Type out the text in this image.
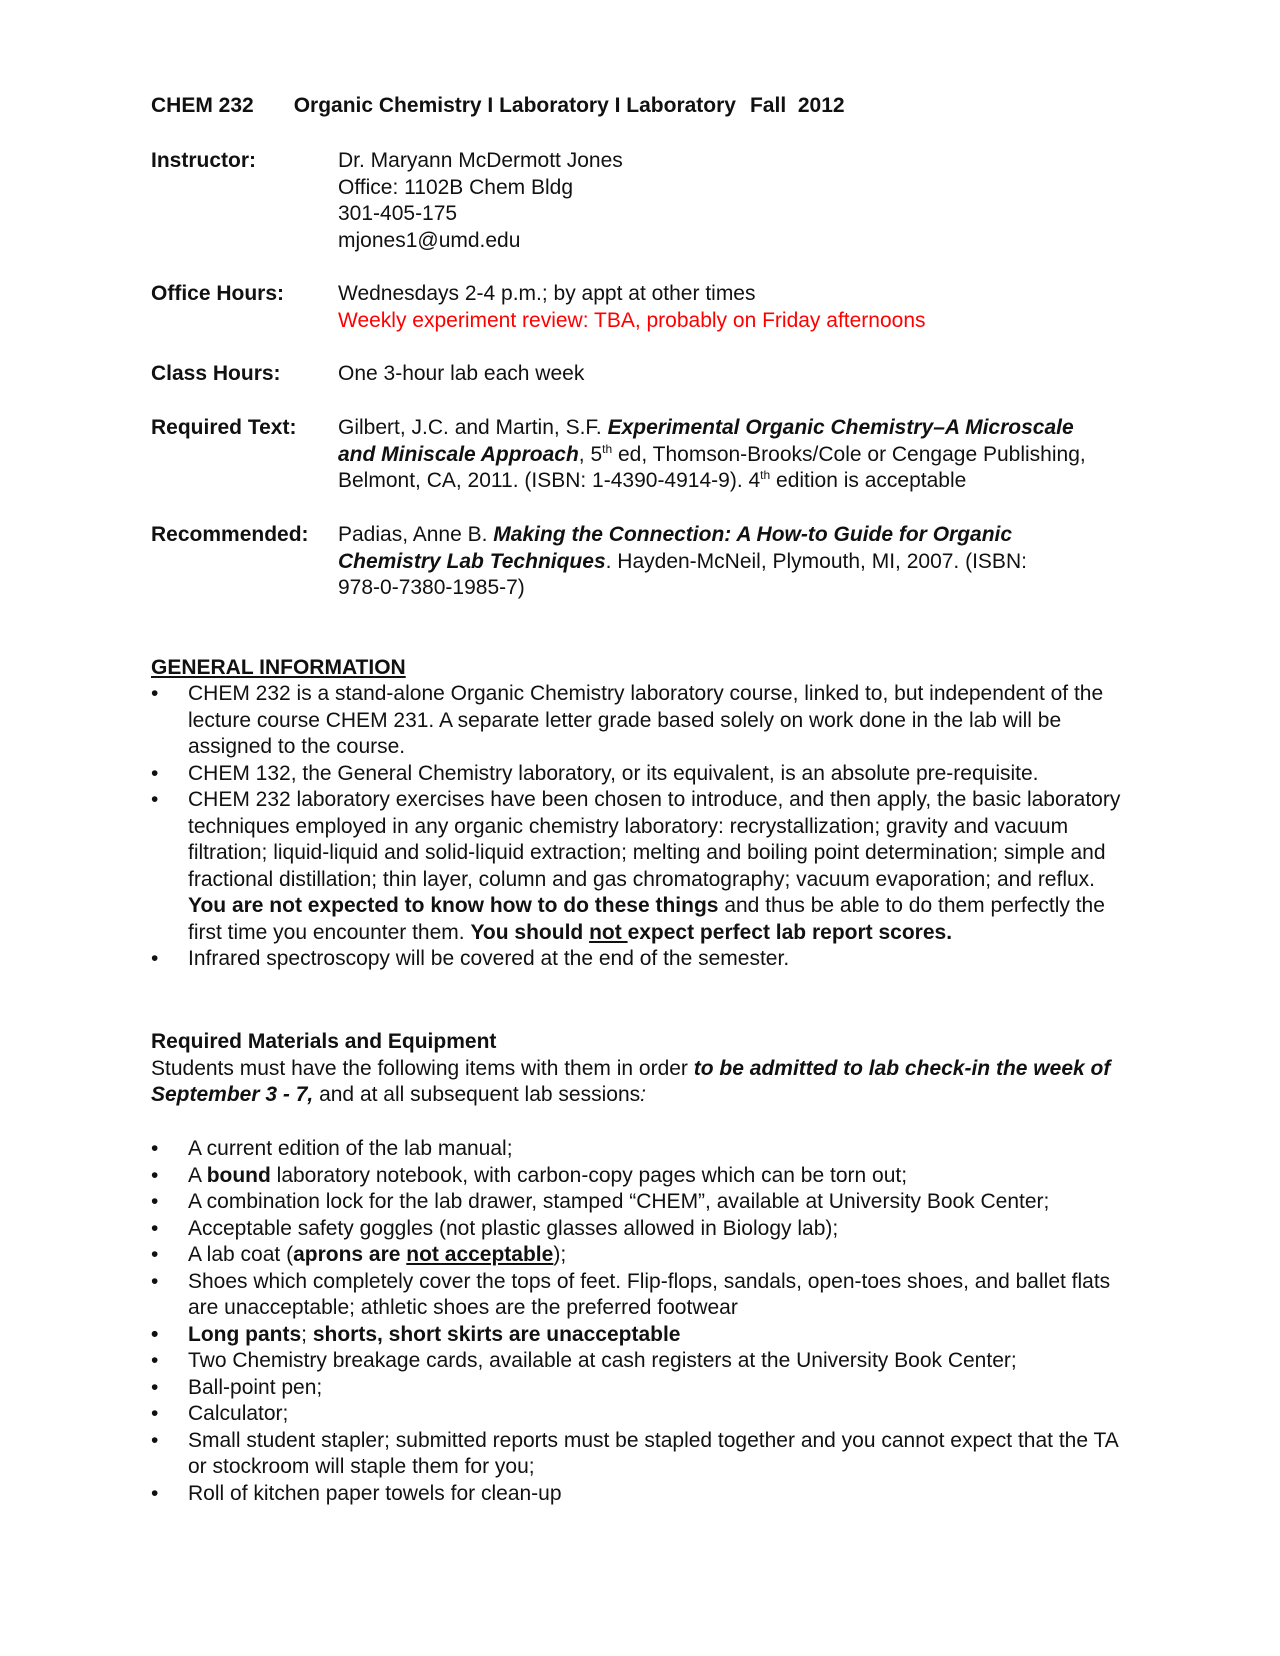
CHEM 232 Organic Chemistry I Laboratory I Laboratory Fall  2012
Instructor:	Dr. Maryann McDermott Jones
Office: 1102B Chem Bldg
301-405-175
mjones1@umd.edu
Office Hours:	Wednesdays 2-4 p.m.; by appt at other times
Weekly experiment review: TBA, probably on Friday afternoons
Class Hours:	One 3-hour lab each week
Required Text: Gilbert, J.C. and Martin, S.F. Experimental Organic Chemistry–A Microscale
and Miniscale Approach, 5th ed, Thomson-Brooks/Cole or Cengage Publishing,
Belmont, CA, 2011. (ISBN: 1-4390-4914-9). 4th edition is acceptable
Recommended: Padias, Anne B. Making the Connection: A How-to Guide for Organic
Chemistry Lab Techniques. Hayden-McNeil, Plymouth, MI, 2007. (ISBN:
978-0-7380-1985-7)
GENERAL INFORMATION
• CHEM 232 is a stand-alone Organic Chemistry laboratory course, linked to, but independent of the lecture course CHEM 231. A separate letter grade based solely on work done in the lab will be assigned to the course.
• CHEM 132, the General Chemistry laboratory, or its equivalent, is an absolute pre-requisite.
• CHEM 232 laboratory exercises have been chosen to introduce, and then apply, the basic laboratory techniques employed in any organic chemistry laboratory: recrystallization; gravity and vacuum filtration; liquid-liquid and solid-liquid extraction; melting and boiling point determination; simple and fractional distillation; thin layer, column and gas chromatography; vacuum evaporation; and reflux. You are not expected to know how to do these things and thus be able to do them perfectly the first time you encounter them. You should not expect perfect lab report scores.
• Infrared spectroscopy will be covered at the end of the semester.
Required Materials and Equipment
Students must have the following items with them in order to be admitted to lab check-in the week of September 3 - 7, and at all subsequent lab sessions:
• A current edition of the lab manual;
• A bound laboratory notebook, with carbon-copy pages which can be torn out;
• A combination lock for the lab drawer, stamped “CHEM”, available at University Book Center;
• Acceptable safety goggles (not plastic glasses allowed in Biology lab);
• A lab coat (aprons are not acceptable);
• Shoes which completely cover the tops of feet. Flip-flops, sandals, open-toes shoes, and ballet flats are unacceptable; athletic shoes are the preferred footwear
• Long pants; shorts, short skirts are unacceptable
• Two Chemistry breakage cards, available at cash registers at the University Book Center;
• Ball-point pen;
• Calculator;
• Small student stapler; submitted reports must be stapled together and you cannot expect that the TA or stockroom will staple them for you;
• Roll of kitchen paper towels for clean-up
